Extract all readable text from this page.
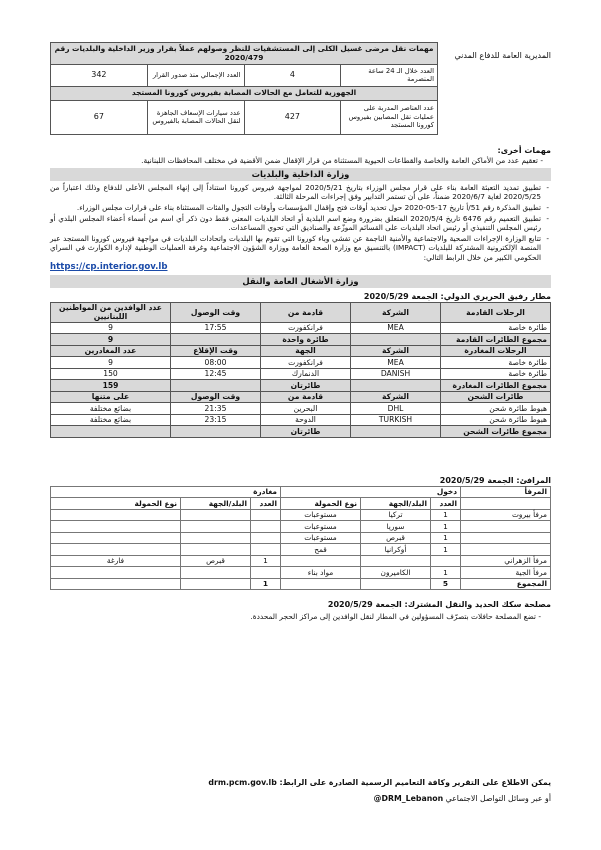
المديرية العامة للدفاع المدني
مهمات نقل مرضى غسيل الكلى إلى المستشفيات للنظر وصولهم عملاً بقرار وزير الداخلية والبلديات رقم 2020/479			
العدد خلال الـ 24 ساعة المنصرمة	4	العدد الإجمالي منذ صدور القرار	342
الجهوزية للتعامل مع الحالات المصابة بفيروس كورونا المستجد			
عدد العناصر المدربة على عمليات نقل المصابين بفيروس كورونا المستجد	427	عدد سيارات الإسعاف الجاهزة لنقل الحالات المصابة بالفيروس	67
مهمات أخرى:
- تعقيم عدد من الأماكن العامة والخاصة والقطاعات الحيوية المستثناة من قرار الإقفال ضمن الأقضية في مختلف المحافظات اللبنانية.
وزارة الداخلية والبلديات
- تطبيق تمديد التعبئة العامة بناء على قرار مجلس الوزراء بتاريخ 2020/5/21 لمواجهة فيروس كورونا استناداً إلى إنهاء المجلس الأعلى للدفاع وذلك اعتباراً من 2020/5/25 لغاية 2020/6/7 ضمناً، على أن تستمر التدابير وفق إجراءات المرحلة الثالثة.
- تطبيق المذكرة رقم 51/أ تاريخ 17-05-2020 حول تحديد أوقات فتح وإقفال المؤسسات وأوقات التجول والفئات المستثناة بناء على قرارات مجلس الوزراء.
- تطبيق التعميم رقم 6476 تاريخ 2020/5/4 المتعلق بضرورة وضع اسم البلدية أو اتحاد البلديات المعني فقط دون ذكر أي اسم من أسماء أعضاء المجلس البلدي أو رئيس المجلس التنفيذي أو رئيس اتحاد البلديات على القسائم الموزّعة والصناديق التي تحوي المساعدات.
- تتابع الوزارة الإجراءات الصحية والاجتماعية والأمنية الناجمة عن تفشي وباء كورونا التي تقوم بها البلديات واتحادات البلديات في مواجهة فيروس كورونا المستجد عبر المنصة الإلكترونية المشتركة للبلديات (IMPACT) بالتنسيق مع وزارة الصحة العامة ووزارة الشؤون الاجتماعية وغرفة العمليات الوطنية لإدارة الكوارث في السراي الحكومي الكبير من خلال الرابط التالي:
https://cp.interior.gov.lb
وزارة الأشغال العامة والنقل
مطار رفيق الحريري الدولي: الجمعة 2020/5/29
الرحلات القادمة	الشركة	قادمة من	وقت الوصول	عدد الوافدين من المواطنين اللبنانيين
طائرة خاصة	MEA	فرانكفورت	17:55	9
مجموع الطائرات القادمة		طائرة واحدة		9
الرحلات المغادرة	الشركة	الجهة	وقت الإقلاع	عدد المغادرين
طائرة خاصة	MEA	فرانكفورت	08:00	9
طائرة خاصة	DANISH	الدنمارك	12:45	150
مجموع الطائرات المغادرة		طائرتان		159
طائرات الشحن	الشركة	قادمة من	وقت الوصول	على متنها
هبوط طائرة شحن	DHL	البحرين	21:35	بضائع مختلفة
هبوط طائرة شحن	TURKISH	الدوحة	23:15	بضائع مختلفة
مجموع طائرات الشحن		طائرتان		
المرافئ: الجمعة 2020/5/29
المرفأ	دخول			مغادرة		
	العدد	البلد/الجهة	نوع الحمولة	العدد	البلد/الجهة	نوع الحمولة
مرفأ بيروت	1	تركيا	مستوعبات			
	1	سوريا	مستوعبات			
	1	قبرص	مستوعبات			
	1	أوكرانيا	قمح			
مرفأ الزهراني				1	قبرص	فارغة
مرفأ الجية	1	الكاميرون	مواد بناء			
المجموع	5			1		
مصلحة سكك الحديد والنقل المشترك: الجمعة 2020/5/29
- تضع المصلحة حافلات بتصرّف المسؤولين في المطار لنقل الوافدين إلى مراكز الحجر المحددة.
يمكن الاطلاع على التقرير وكافة التعاميم الرسمية الصادرة على الرابط: drm.pcm.gov.lb
أو عبر وسائل التواصل الاجتماعي @DRM_Lebanon
